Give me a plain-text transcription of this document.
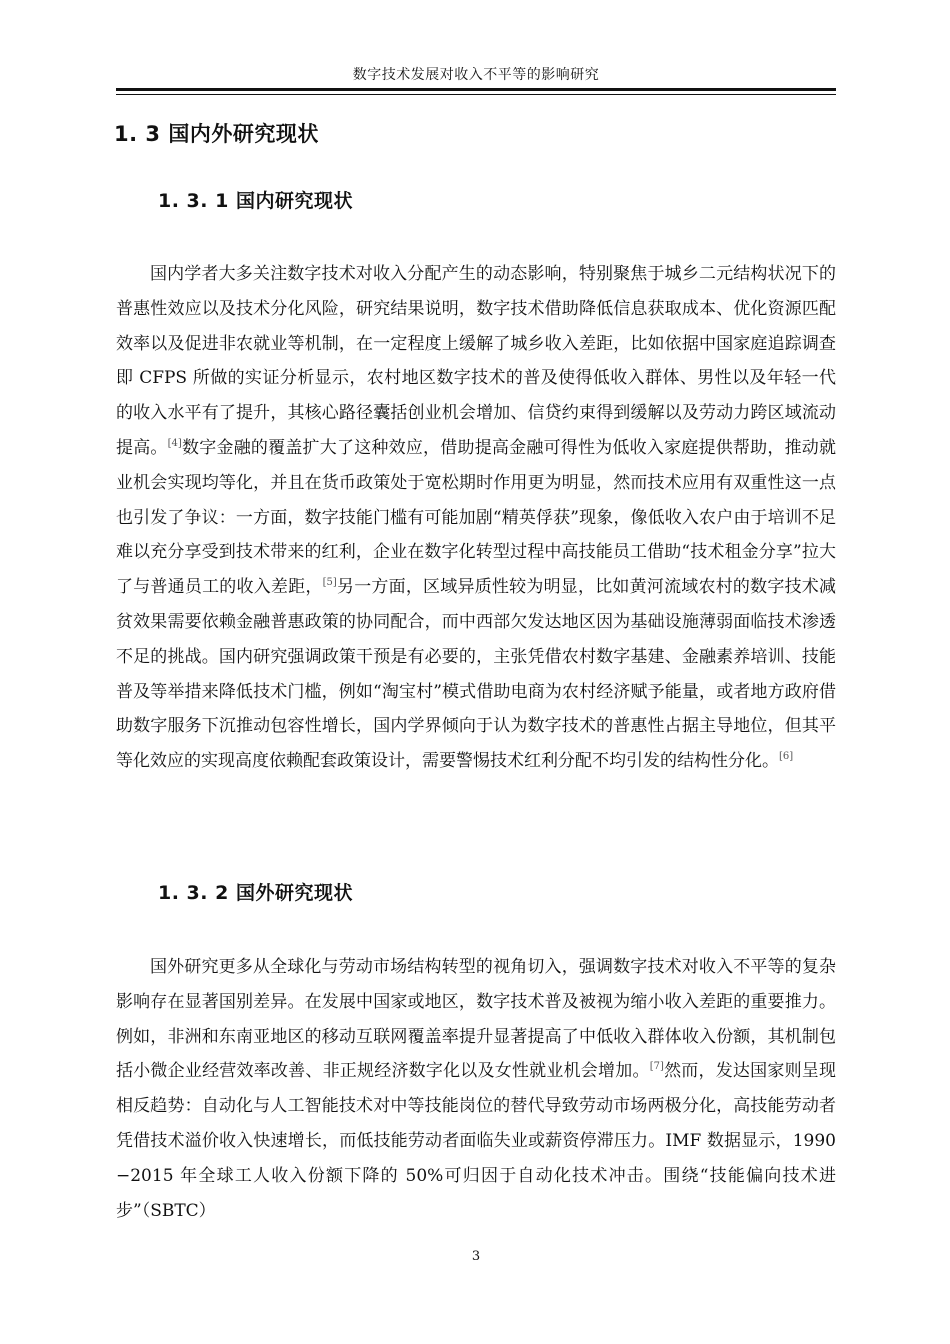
数字技术发展对收入不平等的影响研究
1. 3 国内外研究现状
1. 3. 1 国内研究现状

国内学者大多关注数字技术对收入分配产生的动态影响，特别聚焦于城乡二元结构状况下的普惠性效应以及技术分化风险，研究结果说明，数字技术借助降低信息获取成本、优化资源匹配效率以及促进非农就业等机制，在一定程度上缓解了城乡收入差距，比如依据中国家庭追踪调查即 CFPS 所做的实证分析显示，农村地区数字技术的普及使得低收入群体、男性以及年轻一代的收入水平有了提升，其核心路径囊括创业机会增加、信贷约束得到缓解以及劳动力跨区域流动提高。[4]数字金融的覆盖扩大了这种效应，借助提高金融可得性为低收入家庭提供帮助，推动就业机会实现均等化，并且在货币政策处于宽松期时作用更为明显，然而技术应用有双重性这一点也引发了争议：一方面，数字技能门槛有可能加剧“精英俘获”现象，像低收入农户由于培训不足难以充分享受到技术带来的红利，企业在数字化转型过程中高技能员工借助“技术租金分享”拉大了与普通员工的收入差距，[5]另一方面，区域异质性较为明显，比如黄河流域农村的数字技术减贫效果需要依赖金融普惠政策的协同配合，而中西部欠发达地区因为基础设施薄弱面临技术渗透不足的挑战。国内研究强调政策干预是有必要的，主张凭借农村数字基建、金融素养培训、技能普及等举措来降低技术门槛，例如“淘宝村”模式借助电商为农村经济赋予能量，或者地方政府借助数字服务下沉推动包容性增长，国内学界倾向于认为数字技术的普惠性占据主导地位，但其平等化效应的实现高度依赖配套政策设计，需要警惕技术红利分配不均引发的结构性分化。[6]

1. 3. 2 国外研究现状

国外研究更多从全球化与劳动市场结构转型的视角切入，强调数字技术对收入不平等的复杂影响存在显著国别差异。在发展中国家或地区，数字技术普及被视为缩小收入差距的重要推力。例如，非洲和东南亚地区的移动互联网覆盖率提升显著提高了中低收入群体收入份额，其机制包括小微企业经营效率改善、非正规经济数字化以及女性就业机会增加。[7]然而，发达国家则呈现相反趋势：自动化与人工智能技术对中等技能岗位的替代导致劳动市场两极分化，高技能劳动者凭借技术溢价收入快速增长，而低技能劳动者面临失业或薪资停滞压力。IMF 数据显示，1990−2015 年全球工人收入份额下降的 50%可归因于自动化技术冲击。围绕“技能偏向技术进步”（SBTC）

3
